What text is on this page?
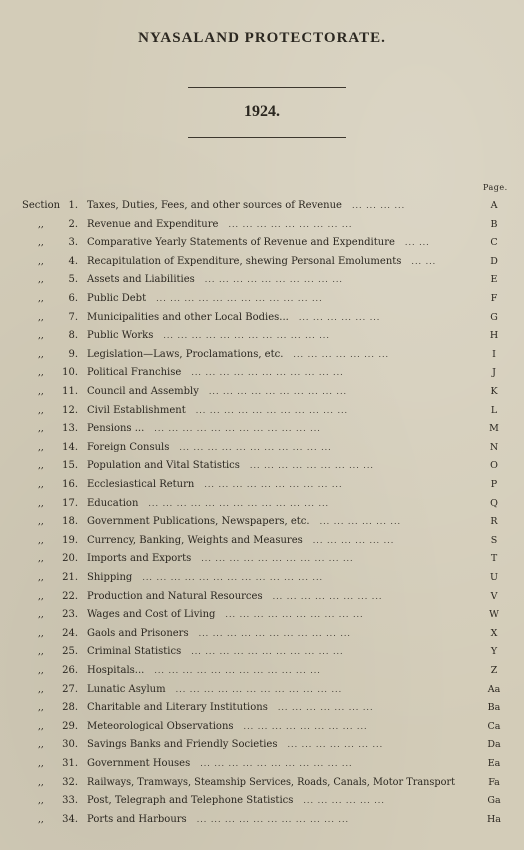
NYASALAND PROTECTORATE.
1924.
Page.
Section 1. Taxes, Duties, Fees, and other sources of Revenue ... ... ... ...	A
,,	2. Revenue and Expenditure ... ... ... ... ... ... ... ... ...	B
,,	3. Comparative Yearly Statements of Revenue and Expenditure ... ...	C
,,	4. Recapitulation of Expenditure, shewing Personal Emoluments ... ...	D
,,	5. Assets and Liabilities ... ... ... ... ... ... ... ... ... ...	E
,,	6. Public Debt ... ... ... ... ... ... ... ... ... ... ... ...	F
,,	7. Municipalities and other Local Bodies... ... ... ... ... ... ...	G
,,	8. Public Works ... ... ... ... ... ... ... ... ... ... ... ...	H
,,	9. Legislation—Laws, Proclamations, etc. ... ... ... ... ... ... ...	I
,,	10. Political Franchise ... ... ... ... ... ... ... ... ... ... ...	J
,,	11. Council and Assembly ... ... ... ... ... ... ... ... ... ...	K
,,	12. Civil Establishment ... ... ... ... ... ... ... ... ... ... ...	L
,,	13. Pensions ... ... ... ... ... ... ... ... ... ... ... ... ...	M
,,	14. Foreign Consuls ... ... ... ... ... ... ... ... ... ... ...	N
,,	15. Population and Vital Statistics ... ... ... ... ... ... ... ... ...	O
,,	16. Ecclesiastical Return ... ... ... ... ... ... ... ... ... ...	P
,,	17. Education ... ... ... ... ... ... ... ... ... ... ... ... ...	Q
,,	18. Government Publications, Newspapers, etc. ... ... ... ... ... ...	R
,,	19. Currency, Banking, Weights and Measures ... ... ... ... ... ...	S
,,	20. Imports and Exports ... ... ... ... ... ... ... ... ... ... ...	T
,,	21. Shipping ... ... ... ... ... ... ... ... ... ... ... ... ...	U
,,	22. Production and Natural Resources ... ... ... ... ... ... ... ...	V
,,	23. Wages and Cost of Living ... ... ... ... ... ... ... ... ... ...	W
,,	24. Gaols and Prisoners ... ... ... ... ... ... ... ... ... ... ...	X
,,	25. Criminal Statistics ... ... ... ... ... ... ... ... ... ... ...	Y
,,	26. Hospitals... ... ... ... ... ... ... ... ... ... ... ... ...	Z
,,	27. Lunatic Asylum ... ... ... ... ... ... ... ... ... ... ... ...	Aa
,,	28. Charitable and Literary Institutions ... ... ... ... ... ... ...	Ba
,,	29. Meteorological Observations ... ... ... ... ... ... ... ... ...	Ca
,,	30. Savings Banks and Friendly Societies ... ... ... ... ... ... ...	Da
,,	31. Government Houses ... ... ... ... ... ... ... ... ... ... ...	Ea
,,	32. Railways, Tramways, Steamship Services, Roads, Canals, Motor Transport	Fa
,,	33. Post, Telegraph and Telephone Statistics ... ... ... ... ... ...	Ga
,,	34. Ports and Harbours ... ... ... ... ... ... ... ... ... ... ...	Ha
